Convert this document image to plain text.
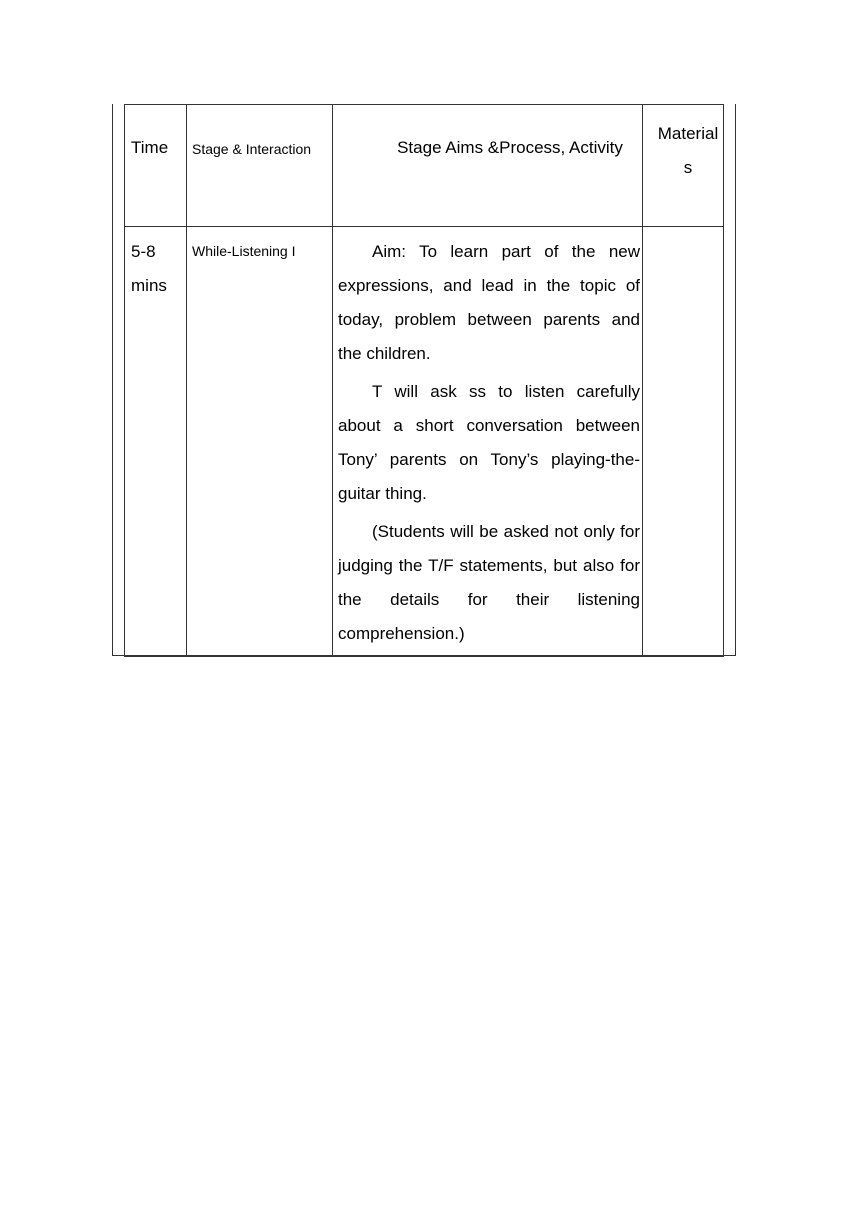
Time	Stage & Interaction	Stage Aims &Process, Activity	Materials

5-8 mins	While-Listening I	Aim: To learn part of the new expressions, and lead in the topic of today, problem between parents and the children.

T will ask ss to listen carefully about a short conversation between Tony’ parents on Tony’s playing-the-guitar thing.

(Students will be asked not only for judging the T/F statements, but also for the details for their listening comprehension.)	
